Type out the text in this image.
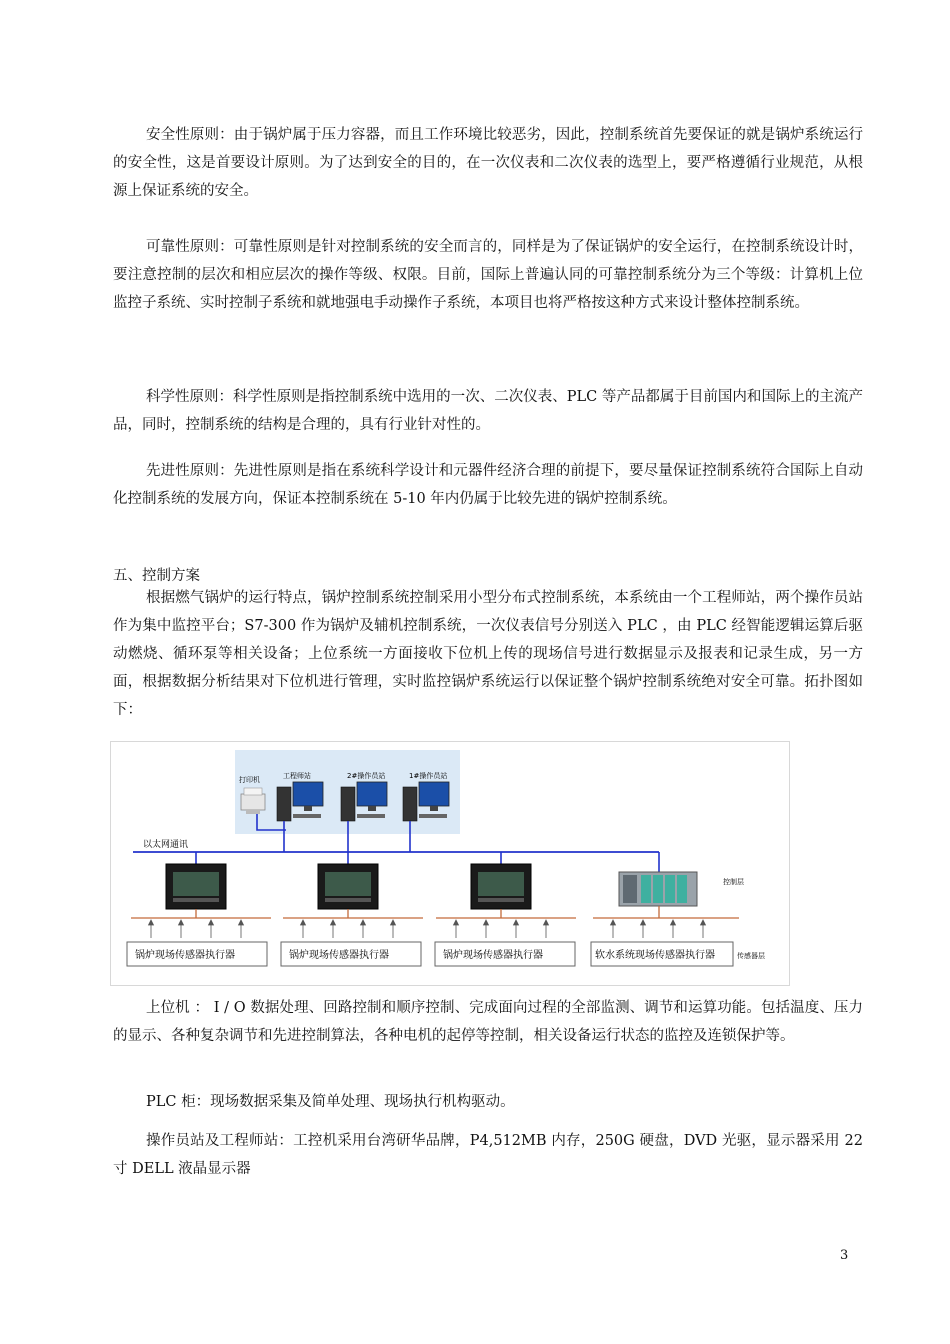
安全性原则：由于锅炉属于压力容器，而且工作环境比较恶劣，因此，控制系统首先要保证的就是锅炉系统运行的安全性，这是首要设计原则。为了达到安全的目的，在一次仪表和二次仪表的选型上，要严格遵循行业规范，从根源上保证系统的安全。

可靠性原则：可靠性原则是针对控制系统的安全而言的，同样是为了保证锅炉的安全运行，在控制系统设计时，要注意控制的层次和相应层次的操作等级、权限。目前，国际上普遍认同的可靠控制系统分为三个等级：计算机上位监控子系统、实时控制子系统和就地强电手动操作子系统，本项目也将严格按这种方式来设计整体控制系统。

科学性原则：科学性原则是指控制系统中选用的一次、二次仪表、PLC 等产品都属于目前国内和国际上的主流产品，同时，控制系统的结构是合理的，具有行业针对性的。

先进性原则：先进性原则是指在系统科学设计和元器件经济合理的前提下，要尽量保证控制系统符合国际上自动化控制系统的发展方向，保证本控制系统在 5-10 年内仍属于比较先进的锅炉控制系统。

五、控制方案

根据燃气锅炉的运行特点，锅炉控制系统控制采用小型分布式控制系统，本系统由一个工程师站，两个操作员站作为集中监控平台；S7-300 作为锅炉及辅机控制系统，一次仪表信号分别送入 PLC ，由 PLC 经智能逻辑运算后驱动燃烧、循环泵等相关设备；上位系统一方面接收下位机上传的现场信号进行数据显示及报表和记录生成，另一方面，根据数据分析结果对下位机进行管理，实时监控锅炉系统运行以保证整个锅炉控制系统绝对安全可靠。拓扑图如下：

打印机	工程师站	2#操作员站	1#操作员站
以太网通讯
控制层
锅炉现场传感器执行器	锅炉现场传感器执行器	锅炉现场传感器执行器	软水系统现场传感器执行器	传感器层

上位机 ： I / O 数据处理、回路控制和顺序控制、完成面向过程的全部监测、调节和运算功能。包括温度、压力的显示、各种复杂调节和先进控制算法，各种电机的起停等控制，相关设备运行状态的监控及连锁保护等。

PLC 柜：现场数据采集及简单处理、现场执行机构驱动。

操作员站及工程师站：工控机采用台湾研华品牌，P4,512MB 内存，250G 硬盘，DVD 光驱，显示器采用 22 寸 DELL 液晶显示器

3
